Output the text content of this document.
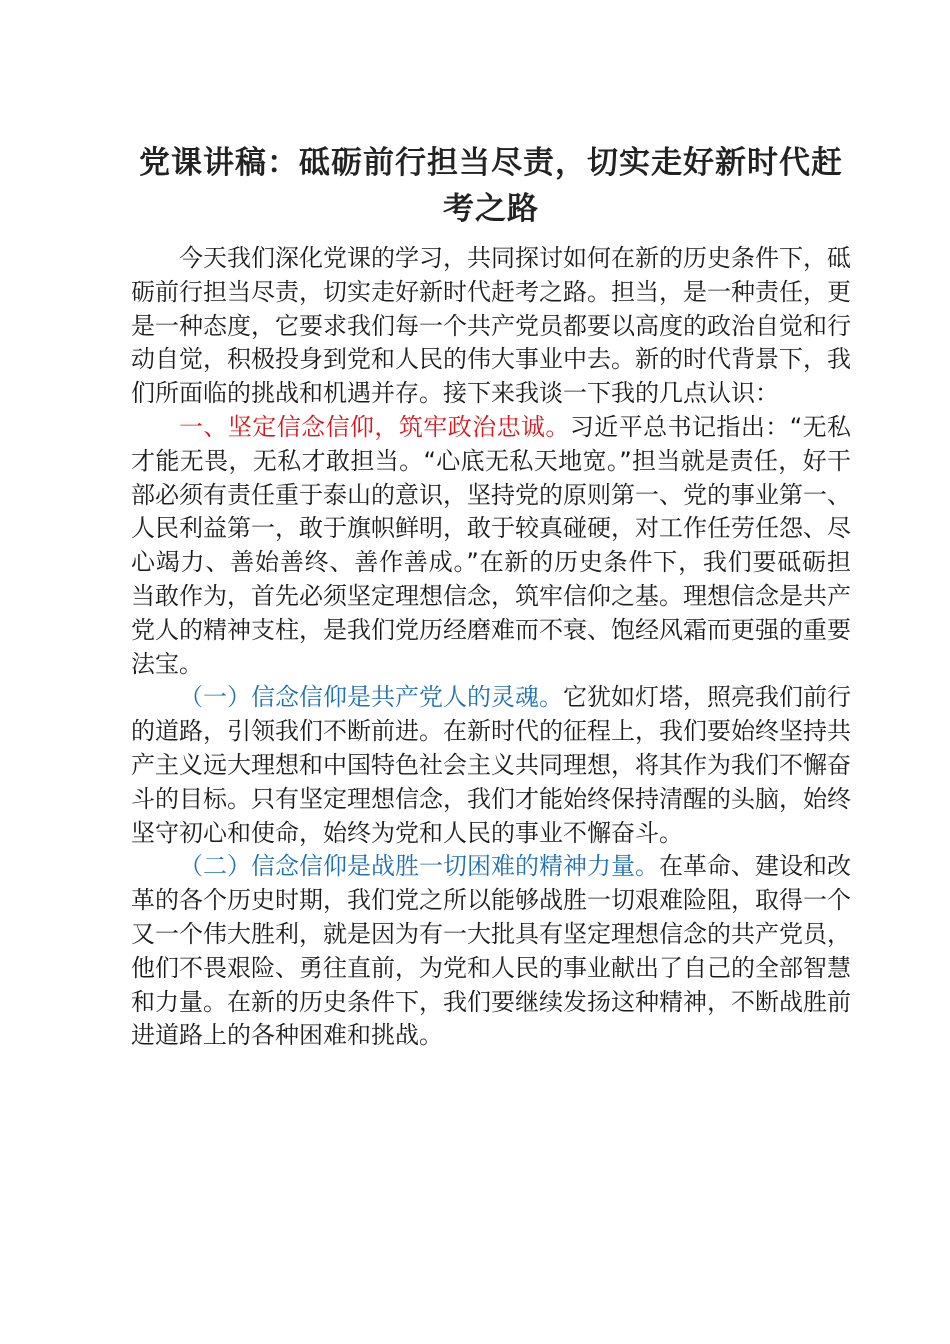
党课讲稿：砥砺前行担当尽责，切实走好新时代赶考之路

今天我们深化党课的学习，共同探讨如何在新的历史条件下，砥砺前行担当尽责，切实走好新时代赶考之路。担当，是一种责任，更是一种态度，它要求我们每一个共产党员都要以高度的政治自觉和行动自觉，积极投身到党和人民的伟大事业中去。新的时代背景下，我们所面临的挑战和机遇并存。接下来我谈一下我的几点认识：

一、坚定信念信仰，筑牢政治忠诚。习近平总书记指出：“无私才能无畏，无私才敢担当。“心底无私天地宽。”担当就是责任，好干部必须有责任重于泰山的意识，坚持党的原则第一、党的事业第一、人民利益第一，敢于旗帜鲜明，敢于较真碰硬，对工作任劳任怨、尽心竭力、善始善终、善作善成。”在新的历史条件下，我们要砥砺担当敢作为，首先必须坚定理想信念，筑牢信仰之基。理想信念是共产党人的精神支柱，是我们党历经磨难而不衰、饱经风霜而更强的重要法宝。

（一）信念信仰是共产党人的灵魂。它犹如灯塔，照亮我们前行的道路，引领我们不断前进。在新时代的征程上，我们要始终坚持共产主义远大理想和中国特色社会主义共同理想，将其作为我们不懈奋斗的目标。只有坚定理想信念，我们才能始终保持清醒的头脑，始终坚守初心和使命，始终为党和人民的事业不懈奋斗。

（二）信念信仰是战胜一切困难的精神力量。在革命、建设和改革的各个历史时期，我们党之所以能够战胜一切艰难险阻，取得一个又一个伟大胜利，就是因为有一大批具有坚定理想信念的共产党员，他们不畏艰险、勇往直前，为党和人民的事业献出了自己的全部智慧和力量。在新的历史条件下，我们要继续发扬这种精神，不断战胜前进道路上的各种困难和挑战。
